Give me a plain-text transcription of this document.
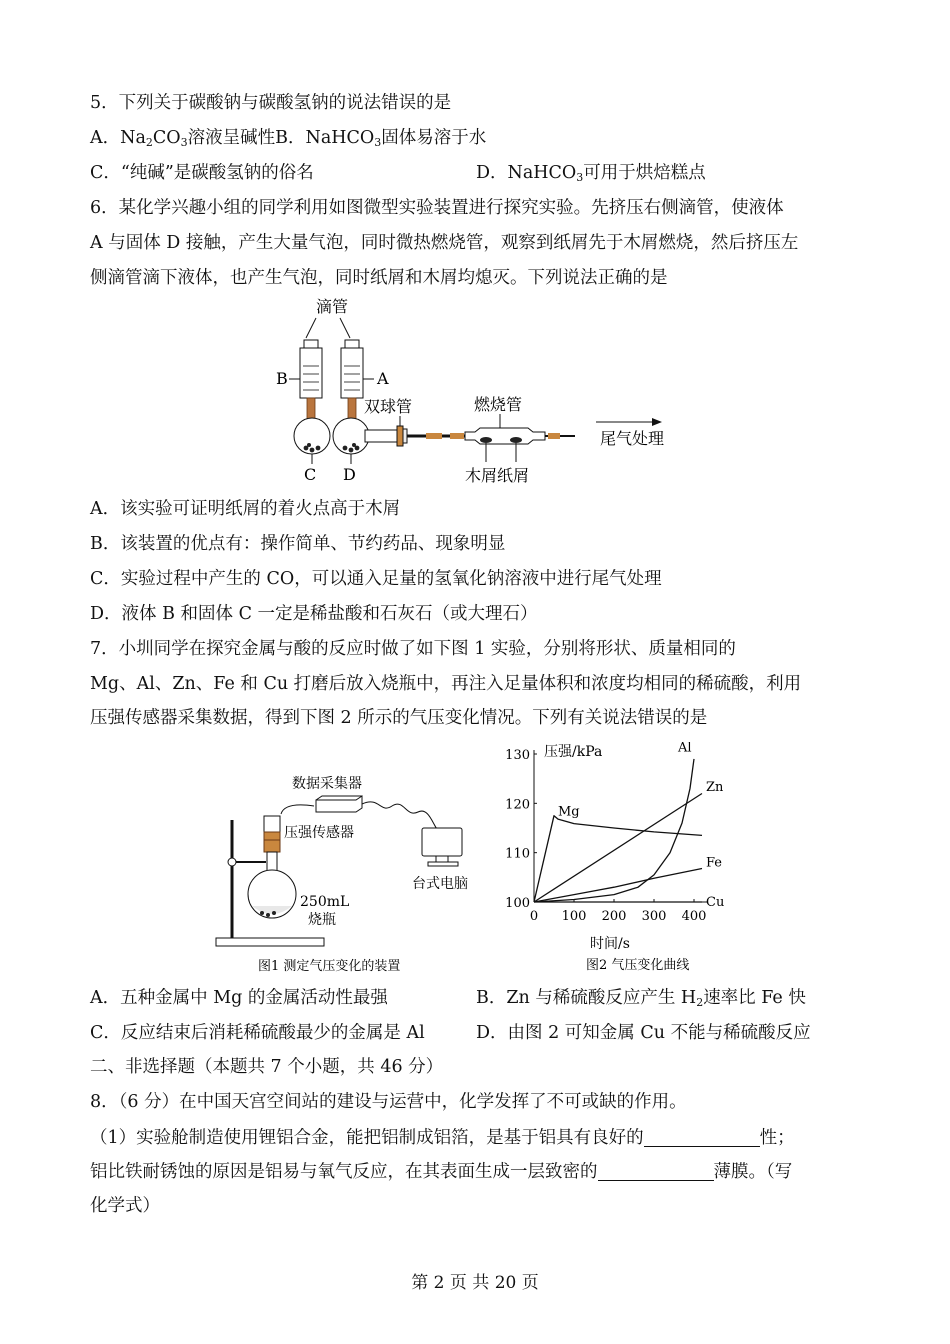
5．下列关于碳酸钠与碳酸氢钠的说法错误的是
A．$Na_2CO_3$溶液呈碱性B．NaHCO$_3$固体易溶于水
C．“纯碱”是碳酸氢钠的俗名	D．NaHCO$_3$可用于烘焙糕点
6．某化学兴趣小组的同学利用如图微型实验装置进行探究实验。先挤压右侧滴管，使液体
A 与固体 D 接触，产生大量气泡，同时微热燃烧管，观察到纸屑先于木屑燃烧，然后挤压左
侧滴管滴下液体，也产生气泡，同时纸屑和木屑均熄灭。下列说法正确的是
滴管
B	A
双球管	燃烧管
尾气处理
C D	木屑纸屑
A．该实验可证明纸屑的着火点高于木屑
B．该装置的优点有：操作简单、节约药品、现象明显
C．实验过程中产生的 CO，可以通入足量的氢氧化钠溶液中进行尾气处理
D．液体 B 和固体 C 一定是稀盐酸和石灰石（或大理石）
7．小圳同学在探究金属与酸的反应时做了如下图 1 实验，分别将形状、质量相同的
Mg、Al、Zn、Fe 和 Cu 打磨后放入烧瓶中，再注入足量体积和浓度均相同的稀硫酸，利用
压强传感器采集数据，得到下图 2 所示的气压变化情况。下列有关说法错误的是
数据采集器
台式电脑
压强传感器
250mL
烧瓶
图1 测定气压变化的装置
0 100 200 300 400
100
110
120
130
Mg
Al
Zn
Fe
Cu
时间/s
压强/kPa
图2 气压变化曲线
A．五种金属中 Mg 的金属活动性最强	B．Zn 与稀硫酸反应产生 $H_2$速率比 Fe 快
C．反应结束后消耗稀硫酸最少的金属是 Al	D．由图 2 可知金属 Cu 不能与稀硫酸反应
二、非选择题（本题共 7 个小题，共 46 分）
8．（6 分）在中国天宫空间站的建设与运营中，化学发挥了不可或缺的作用。
（1）实验舱制造使用锂铝合金，能把铝制成铝箔，是基于铝具有良好的	性；
铝比铁耐锈蚀的原因是铝易与氧气反应，在其表面生成一层致密的	薄膜。（写
化学式）
第 2 页 共 20 页
